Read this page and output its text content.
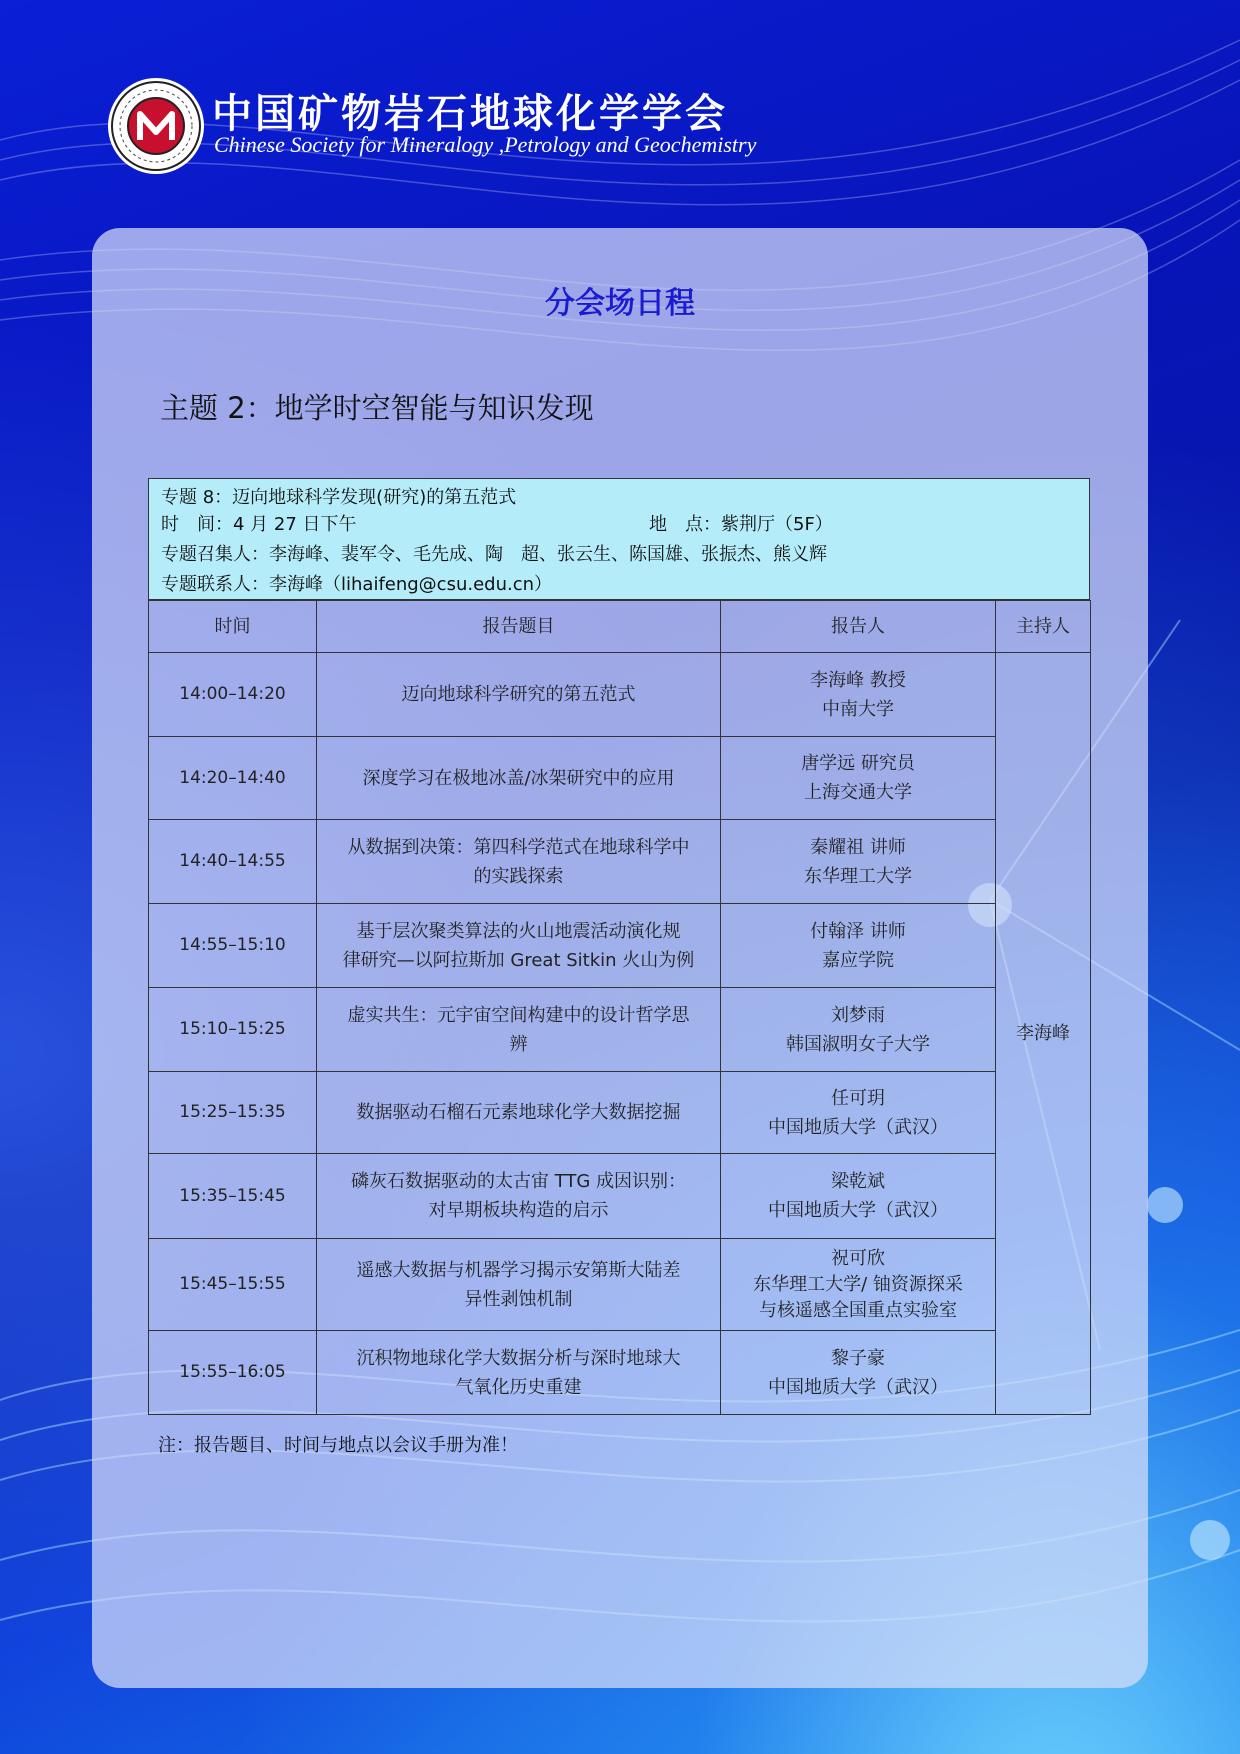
中国矿物岩石地球化学学会
Chinese Society for Mineralogy ,Petrology and Geochemistry
分会场日程
主题 2：地学时空智能与知识发现
专题 8：迈向地球科学发现(研究)的第五范式
时　间：4 月 27 日下午	地　点：紫荆厅（5F）
专题召集人：李海峰、裴军令、毛先成、陶　超、张云生、陈国雄、张振杰、熊义辉
专题联系人：李海峰（lihaifeng@csu.edu.cn）
时间	报告题目	报告人	主持人
14:00–14:20	迈向地球科学研究的第五范式	李海峰 教授
中南大学	李海峰
14:20–14:40	深度学习在极地冰盖/冰架研究中的应用	唐学远 研究员
上海交通大学	
14:40–14:55	从数据到决策：第四科学范式在地球科学中
的实践探索	秦耀祖 讲师
东华理工大学	
14:55–15:10	基于层次聚类算法的火山地震活动演化规
律研究—以阿拉斯加 Great Sitkin 火山为例	付翰泽 讲师
嘉应学院	
15:10–15:25	虚实共生：元宇宙空间构建中的设计哲学思
辨	刘梦雨
韩国淑明女子大学	
15:25–15:35	数据驱动石榴石元素地球化学大数据挖掘	任可玥
中国地质大学（武汉）	
15:35–15:45	磷灰石数据驱动的太古宙 TTG 成因识别：
对早期板块构造的启示	梁乾斌
中国地质大学（武汉）	
15:45–15:55	遥感大数据与机器学习揭示安第斯大陆差
异性剥蚀机制	祝可欣
东华理工大学/ 铀资源探采
与核遥感全国重点实验室	
15:55–16:05	沉积物地球化学大数据分析与深时地球大
气氧化历史重建	黎子豪
中国地质大学（武汉）	
注：报告题目、时间与地点以会议手册为准！
